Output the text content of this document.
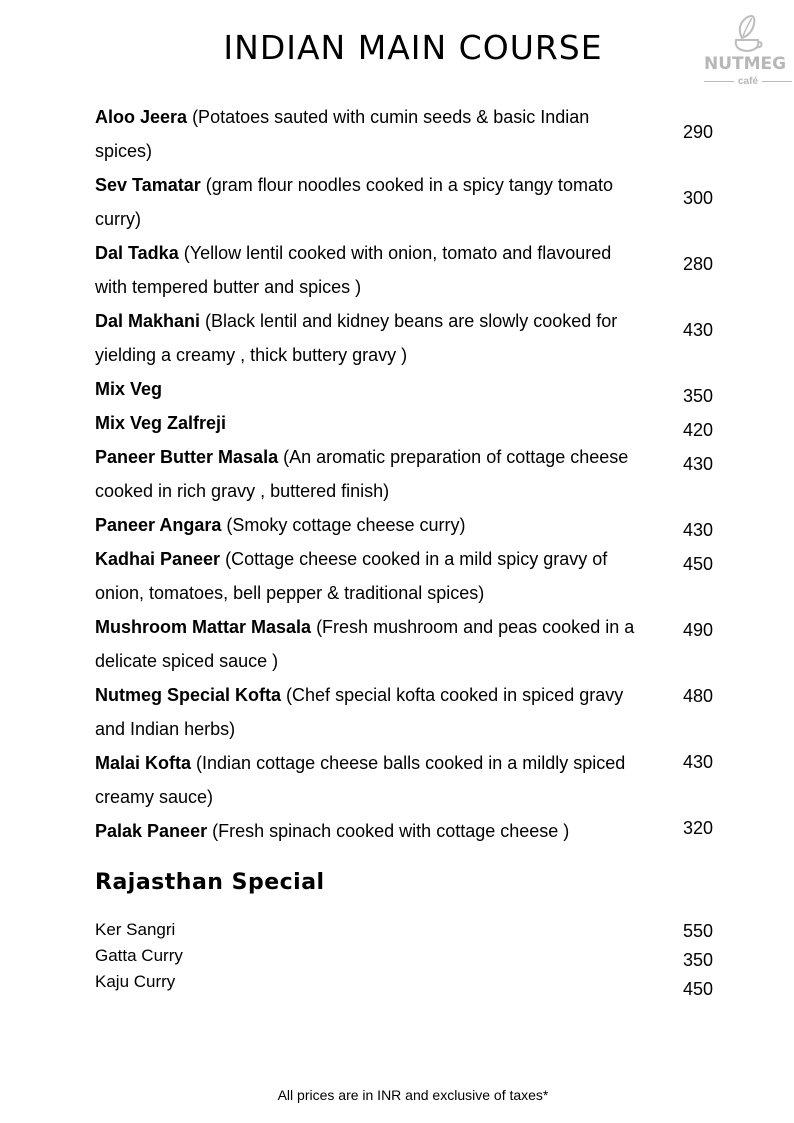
INDIAN MAIN COURSE	NUTMEG
café
Aloo Jeera (Potatoes sauted with cumin seeds & basic Indian spices)
290
Sev Tamatar (gram flour noodles cooked in a spicy tangy tomato curry)
300
Dal Tadka (Yellow lentil cooked with onion, tomato and flavoured with tempered butter and spices )
280
Dal Makhani (Black lentil and kidney beans are slowly cooked for yielding a creamy , thick buttery gravy )
430
Mix Veg	350
Mix Veg Zalfreji	420
Paneer Butter Masala (An aromatic preparation of cottage cheese cooked in rich gravy , buttered finish)
430
Paneer Angara (Smoky cottage cheese curry)	430
Kadhai Paneer (Cottage cheese cooked in a mild spicy gravy of onion, tomatoes, bell pepper & traditional spices)
450
Mushroom Mattar Masala (Fresh mushroom and peas cooked in a delicate spiced sauce )
490
Nutmeg Special Kofta (Chef special kofta cooked in spiced gravy and Indian herbs)
480
Malai Kofta (Indian cottage cheese balls cooked in a mildly spiced creamy sauce)
430
Palak Paneer (Fresh spinach cooked with cottage cheese )	320
Rajasthan Special
Ker Sangri	550
Gatta Curry	350
Kaju Curry	450
All prices are in INR and exclusive of taxes*
